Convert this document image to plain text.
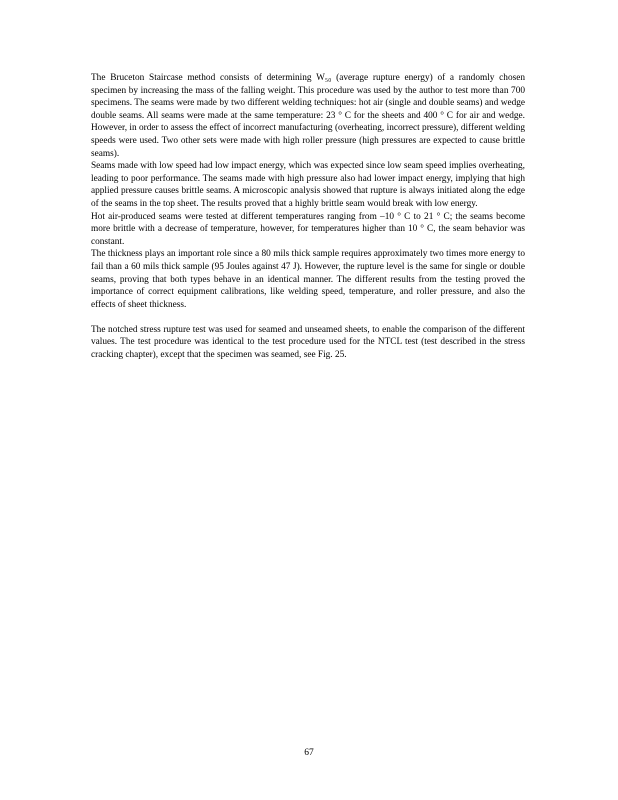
The Bruceton Staircase method consists of determining W₅₀ (average rupture energy) of a randomly chosen specimen by increasing the mass of the falling weight. This procedure was used by the author to test more than 700 specimens. The seams were made by two different welding techniques: hot air (single and double seams) and wedge double seams. All seams were made at the same temperature: 23 ° C for the sheets and 400 ° C for air and wedge. However, in order to assess the effect of incorrect manufacturing (overheating, incorrect pressure), different welding speeds were used. Two other sets were made with high roller pressure (high pressures are expected to cause brittle seams).

Seams made with low speed had low impact energy, which was expected since low seam speed implies overheating, leading to poor performance. The seams made with high pressure also had lower impact energy, implying that high applied pressure causes brittle seams. A microscopic analysis showed that rupture is always initiated along the edge of the seams in the top sheet. The results proved that a highly brittle seam would break with low energy.

Hot air-produced seams were tested at different temperatures ranging from –10 ° C to 21 ° C; the seams become more brittle with a decrease of temperature, however, for temperatures higher than 10 ° C, the seam behavior was constant.

The thickness plays an important role since a 80 mils thick sample requires approximately two times more energy to fail than a 60 mils thick sample (95 Joules against 47 J). However, the rupture level is the same for single or double seams, proving that both types behave in an identical manner. The different results from the testing proved the importance of correct equipment calibrations, like welding speed, temperature, and roller pressure, and also the effects of sheet thickness.

The notched stress rupture test was used for seamed and unseamed sheets, to enable the comparison of the different values. The test procedure was identical to the test procedure used for the NTCL test (test described in the stress cracking chapter), except that the specimen was seamed, see Fig. 25.

67
